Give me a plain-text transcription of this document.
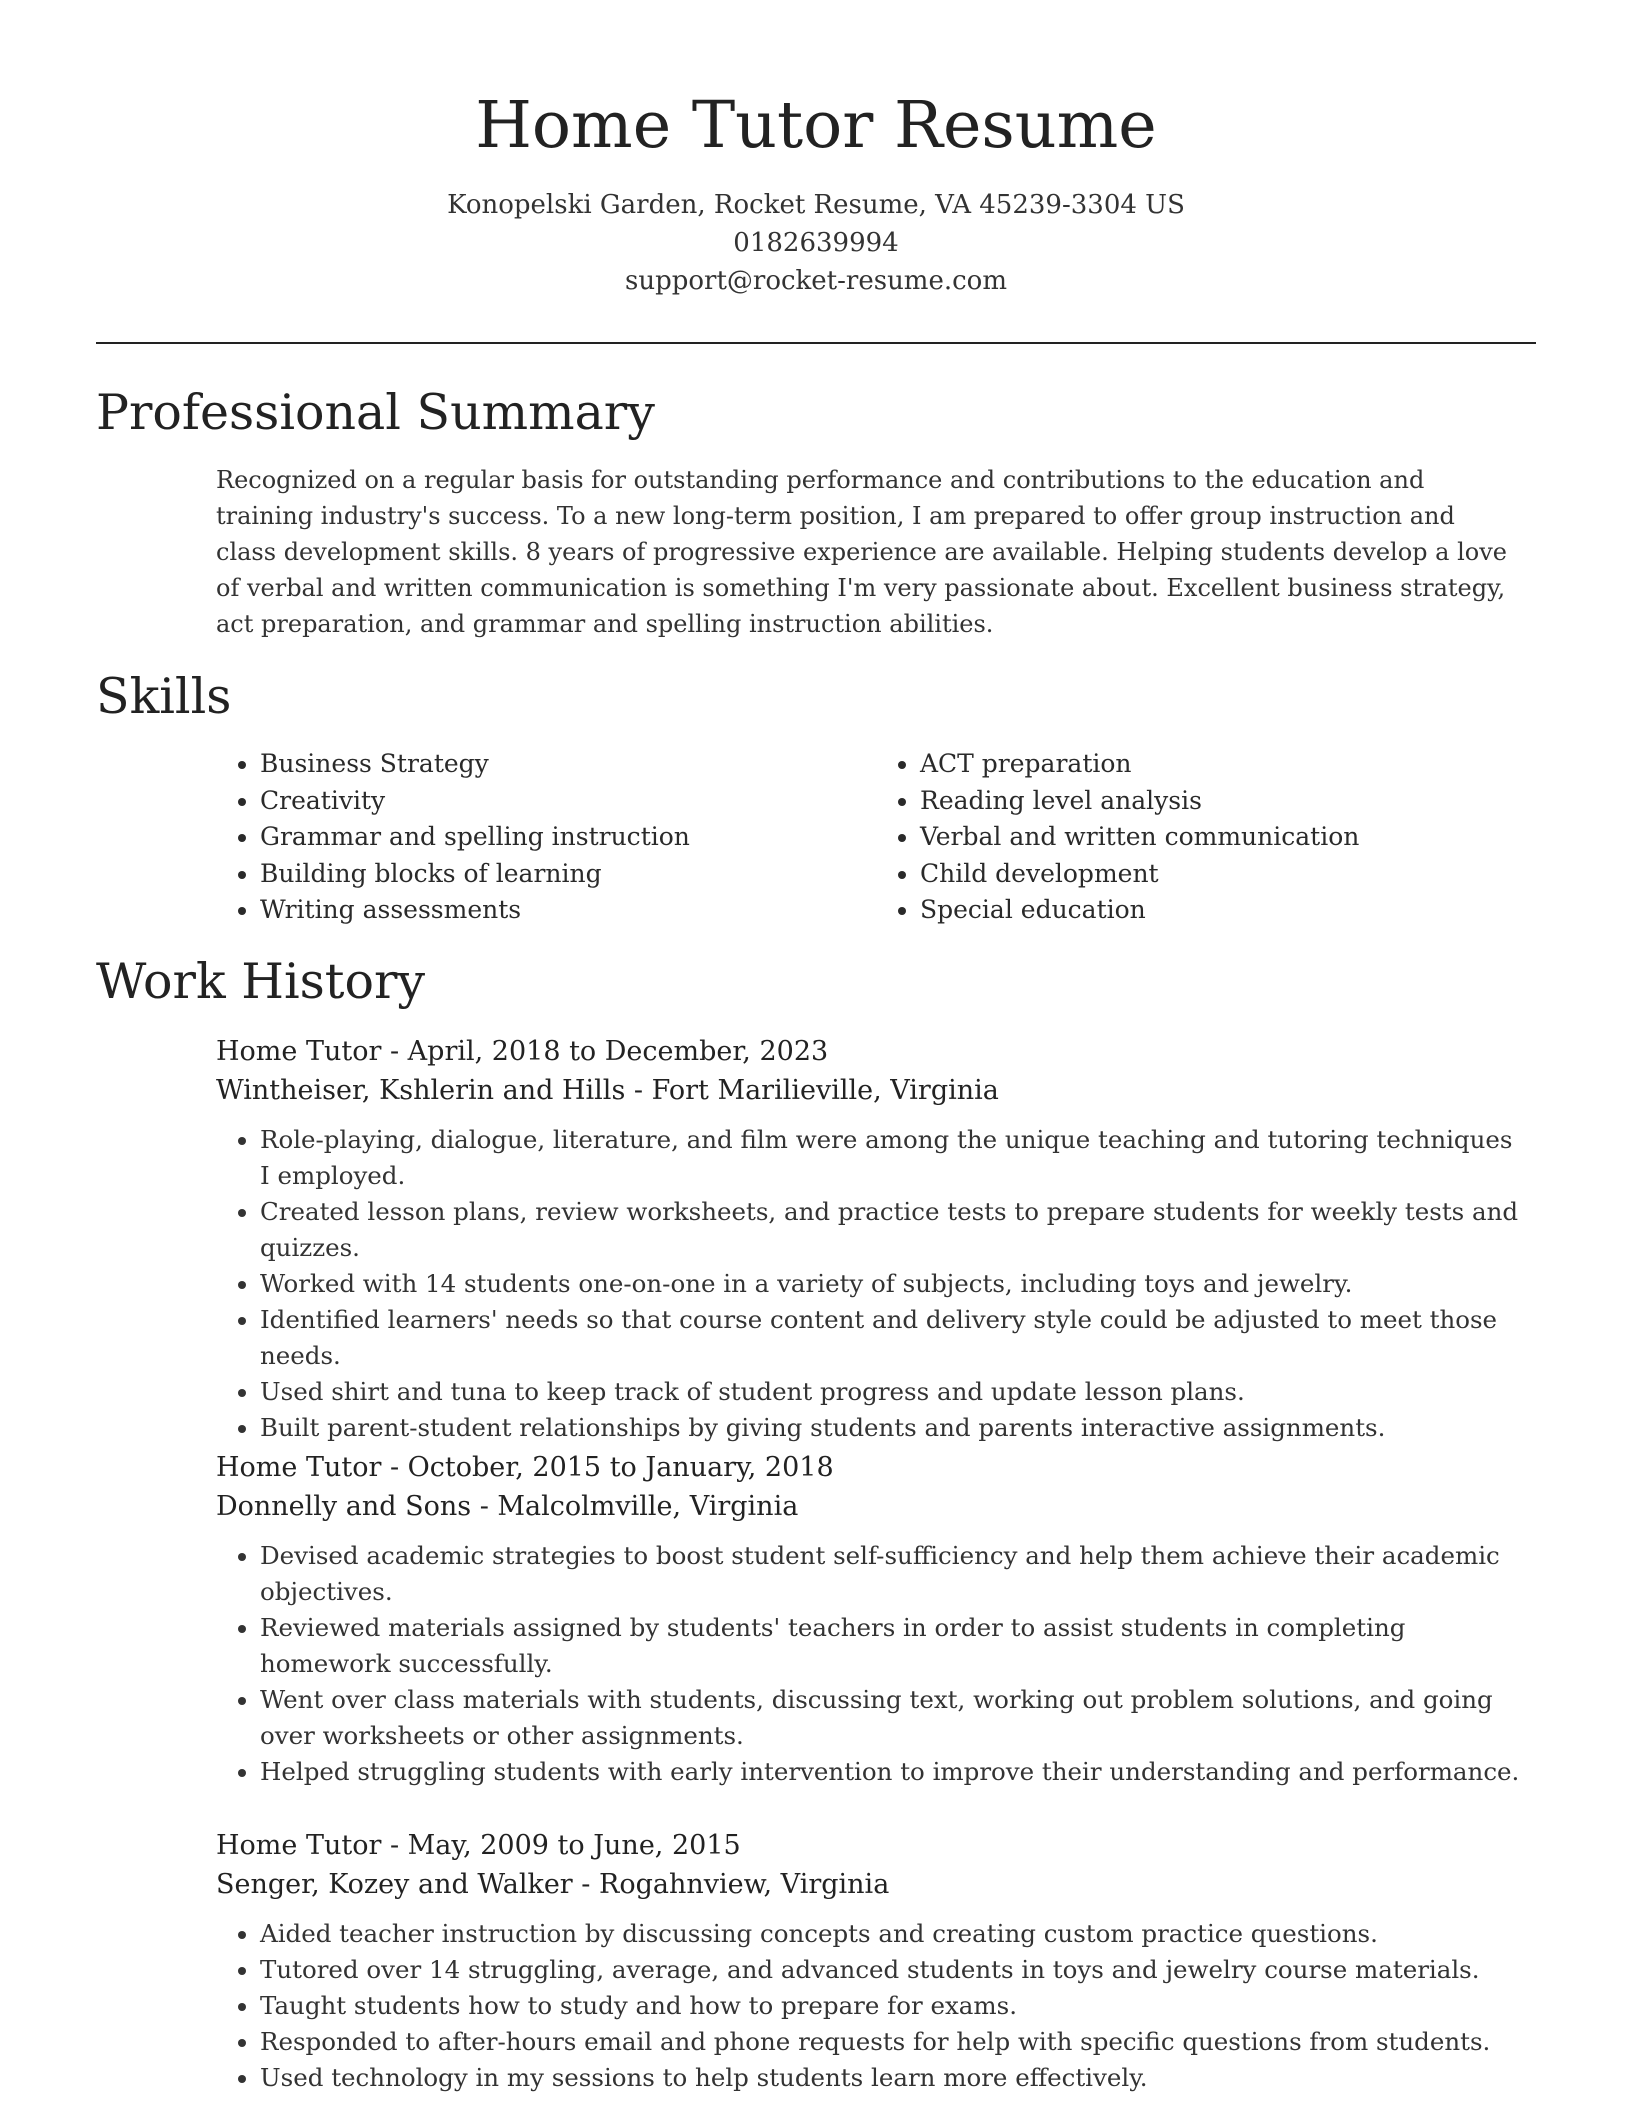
Home Tutor Resume
Konopelski Garden, Rocket Resume, VA 45239-3304 US
0182639994
support@rocket-resume.com
Professional Summary

Recognized on a regular basis for outstanding performance and contributions to the education and training industry's success. To a new long-term position, I am prepared to offer group instruction and class development skills. 8 years of progressive experience are available. Helping students develop a love of verbal and written communication is something I'm very passionate about. Excellent business strategy, act preparation, and grammar and spelling instruction abilities.

Skills
• Business Strategy
• Creativity
• Grammar and spelling instruction
• Building blocks of learning
• Writing assessments
• ACT preparation
• Reading level analysis
• Verbal and written communication
• Child development
• Special education
Work History
Home Tutor - April, 2018 to December, 2023
Wintheiser, Kshlerin and Hills - Fort Marilieville, Virginia
• Role-playing, dialogue, literature, and film were among the unique teaching and tutoring techniques I employed.
• Created lesson plans, review worksheets, and practice tests to prepare students for weekly tests and quizzes.
• Worked with 14 students one-on-one in a variety of subjects, including toys and jewelry.
• Identified learners' needs so that course content and delivery style could be adjusted to meet those needs.
• Used shirt and tuna to keep track of student progress and update lesson plans.
• Built parent-student relationships by giving students and parents interactive assignments.
Home Tutor - October, 2015 to January, 2018
Donnelly and Sons - Malcolmville, Virginia
• Devised academic strategies to boost student self-sufficiency and help them achieve their academic objectives.
• Reviewed materials assigned by students' teachers in order to assist students in completing homework successfully.
• Went over class materials with students, discussing text, working out problem solutions, and going over worksheets or other assignments.
• Helped struggling students with early intervention to improve their understanding and performance.
Home Tutor - May, 2009 to June, 2015
Senger, Kozey and Walker - Rogahnview, Virginia
• Aided teacher instruction by discussing concepts and creating custom practice questions.
• Tutored over 14 struggling, average, and advanced students in toys and jewelry course materials.
• Taught students how to study and how to prepare for exams.
• Responded to after-hours email and phone requests for help with specific questions from students.
• Used technology in my sessions to help students learn more effectively.
